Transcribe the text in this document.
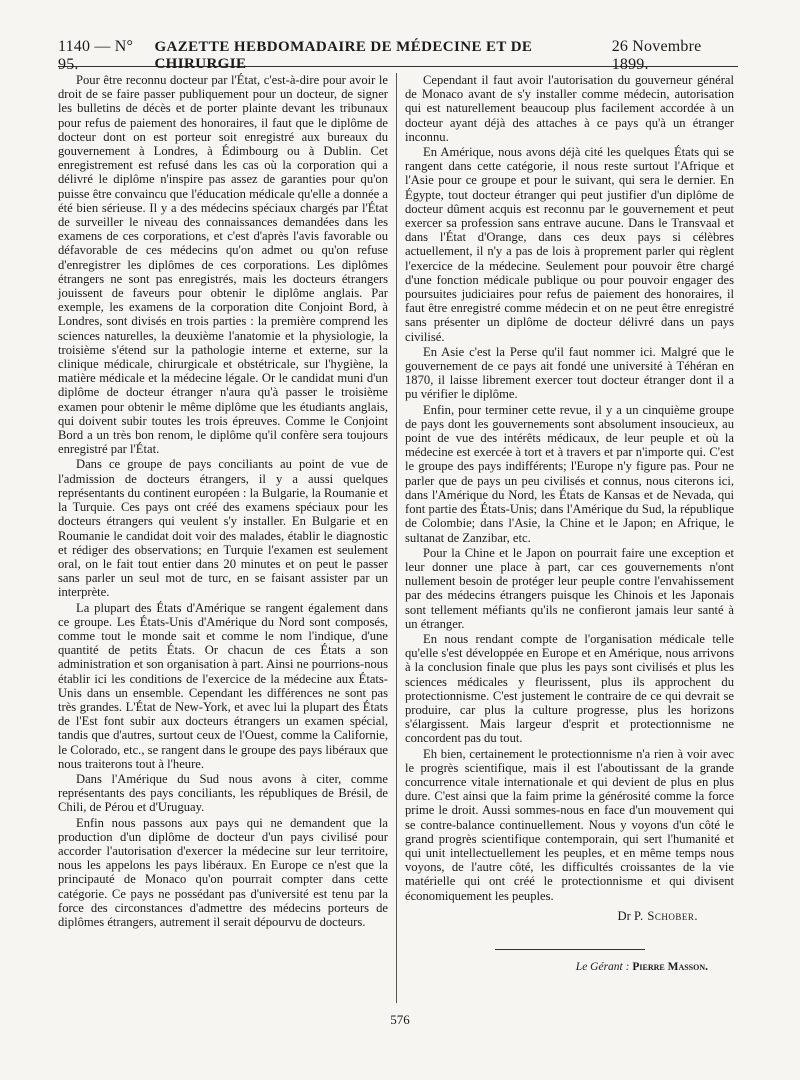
1140 — N° 95.
GAZETTE HEBDOMADAIRE DE MÉDECINE ET DE CHIRURGIE
26 Novembre 1899.

Pour être reconnu docteur par l'État, c'est-à-dire pour avoir le droit de se faire passer publiquement pour un docteur, de signer les bulletins de décès et de porter plainte devant les tribunaux pour refus de paiement des honoraires, il faut que le diplôme de docteur dont on est porteur soit enregistré aux bureaux du gouvernement à Londres, à Édimbourg ou à Dublin. Cet enregistrement est refusé dans les cas où la corporation qui a délivré le diplôme n'inspire pas assez de garanties pour qu'on puisse être convaincu que l'éducation médicale qu'elle a donnée a été bien sérieuse. Il y a des médecins spéciaux chargés par l'État de surveiller le niveau des connaissances demandées dans les examens de ces corporations, et c'est d'après l'avis favorable ou défavorable de ces médecins qu'on admet ou qu'on refuse d'enregistrer les diplômes de ces corporations. Les diplômes étrangers ne sont pas enregistrés, mais les docteurs étrangers jouissent de faveurs pour obtenir le diplôme anglais. Par exemple, les examens de la corporation dite Conjoint Bord, à Londres, sont divisés en trois parties : la première comprend les sciences naturelles, la deuxième l'anatomie et la physiologie, la troisième s'étend sur la pathologie interne et externe, sur la clinique médicale, chirurgicale et obstétricale, sur l'hygiène, la matière médicale et la médecine légale. Or le candidat muni d'un diplôme de docteur étranger n'aura qu'à passer le troisième examen pour obtenir le même diplôme que les étudiants anglais, qui doivent subir toutes les trois épreuves. Comme le Conjoint Bord a un très bon renom, le diplôme qu'il confère sera toujours enregistré par l'État.

Dans ce groupe de pays conciliants au point de vue de l'admission de docteurs étrangers, il y a aussi quelques représentants du continent européen : la Bulgarie, la Roumanie et la Turquie. Ces pays ont créé des examens spéciaux pour les docteurs étrangers qui veulent s'y installer. En Bulgarie et en Roumanie le candidat doit voir des malades, établir le diagnostic et rédiger des observations; en Turquie l'examen est seulement oral, on le fait tout entier dans 20 minutes et on peut le passer sans parler un seul mot de turc, en se faisant assister par un interprète.

La plupart des États d'Amérique se rangent également dans ce groupe. Les États-Unis d'Amérique du Nord sont composés, comme tout le monde sait et comme le nom l'indique, d'une quantité de petits États. Or chacun de ces États a son administration et son organisation à part. Ainsi ne pourrions-nous établir ici les conditions de l'exercice de la médecine aux États-Unis dans un ensemble. Cependant les différences ne sont pas très grandes. L'État de New-York, et avec lui la plupart des États de l'Est font subir aux docteurs étrangers un examen spécial, tandis que d'autres, surtout ceux de l'Ouest, comme la Californie, le Colorado, etc., se rangent dans le groupe des pays libéraux que nous traiterons tout à l'heure.

Dans l'Amérique du Sud nous avons à citer, comme représentants des pays conciliants, les républiques de Brésil, de Chili, de Pérou et d'Uruguay.

Enfin nous passons aux pays qui ne demandent que la production d'un diplôme de docteur d'un pays civilisé pour accorder l'autorisation d'exercer la médecine sur leur territoire, nous les appelons les pays libéraux. En Europe ce n'est que la principauté de Monaco qu'on pourrait compter dans cette catégorie. Ce pays ne possédant pas d'université est tenu par la force des circonstances d'admettre des médecins porteurs de diplômes étrangers, autrement il serait dépourvu de docteurs.

Cependant il faut avoir l'autorisation du gouverneur général de Monaco avant de s'y installer comme médecin, autorisation qui est naturellement beaucoup plus facilement accordée à un docteur ayant déjà des attaches à ce pays qu'à un étranger inconnu.

En Amérique, nous avons déjà cité les quelques États qui se rangent dans cette catégorie, il nous reste surtout l'Afrique et l'Asie pour ce groupe et pour le suivant, qui sera le dernier. En Égypte, tout docteur étranger qui peut justifier d'un diplôme de docteur dûment acquis est reconnu par le gouvernement et peut exercer sa profession sans entrave aucune. Dans le Transvaal et dans l'État d'Orange, dans ces deux pays si célèbres actuellement, il n'y a pas de lois à proprement parler qui règlent l'exercice de la médecine. Seulement pour pouvoir être chargé d'une fonction médicale publique ou pour pouvoir engager des poursuites judiciaires pour refus de paiement des honoraires, il faut être enregistré comme médecin et on ne peut être enregistré sans présenter un diplôme de docteur délivré dans un pays civilisé.

En Asie c'est la Perse qu'il faut nommer ici. Malgré que le gouvernement de ce pays ait fondé une université à Téhéran en 1870, il laisse librement exercer tout docteur étranger dont il a pu vérifier le diplôme.

Enfin, pour terminer cette revue, il y a un cinquième groupe de pays dont les gouvernements sont absolument insoucieux, au point de vue des intérêts médicaux, de leur peuple et où la médecine est exercée à tort et à travers et par n'importe qui. C'est le groupe des pays indifférents; l'Europe n'y figure pas. Pour ne parler que de pays un peu civilisés et connus, nous citerons ici, dans l'Amérique du Nord, les États de Kansas et de Nevada, qui font partie des États-Unis; dans l'Amérique du Sud, la république de Colombie; dans l'Asie, la Chine et le Japon; en Afrique, le sultanat de Zanzibar, etc.

Pour la Chine et le Japon on pourrait faire une exception et leur donner une place à part, car ces gouvernements n'ont nullement besoin de protéger leur peuple contre l'envahissement par des médecins étrangers puisque les Chinois et les Japonais sont tellement méfiants qu'ils ne confieront jamais leur santé à un étranger.

En nous rendant compte de l'organisation médicale telle qu'elle s'est développée en Europe et en Amérique, nous arrivons à la conclusion finale que plus les pays sont civilisés et plus les sciences médicales y fleurissent, plus ils approchent du protectionnisme. C'est justement le contraire de ce qui devrait se produire, car plus la culture progresse, plus les horizons s'élargissent. Mais largeur d'esprit et protectionnisme ne concordent pas du tout.

Eh bien, certainement le protectionnisme n'a rien à voir avec le progrès scientifique, mais il est l'aboutissant de la grande concurrence vitale internationale et qui devient de plus en plus dure. C'est ainsi que la faim prime la générosité comme la force prime le droit. Aussi sommes-nous en face d'un mouvement qui se contre-balance continuellement. Nous y voyons d'un côté le grand progrès scientifique contemporain, qui sert l'humanité et qui unit intellectuellement les peuples, et en même temps nous voyons, de l'autre côté, les difficultés croissantes de la vie matérielle qui ont créé le protectionnisme et qui divisent économiquement les peuples.

Dr P. Schober.
Le Gérant : Pierre Masson.
576
